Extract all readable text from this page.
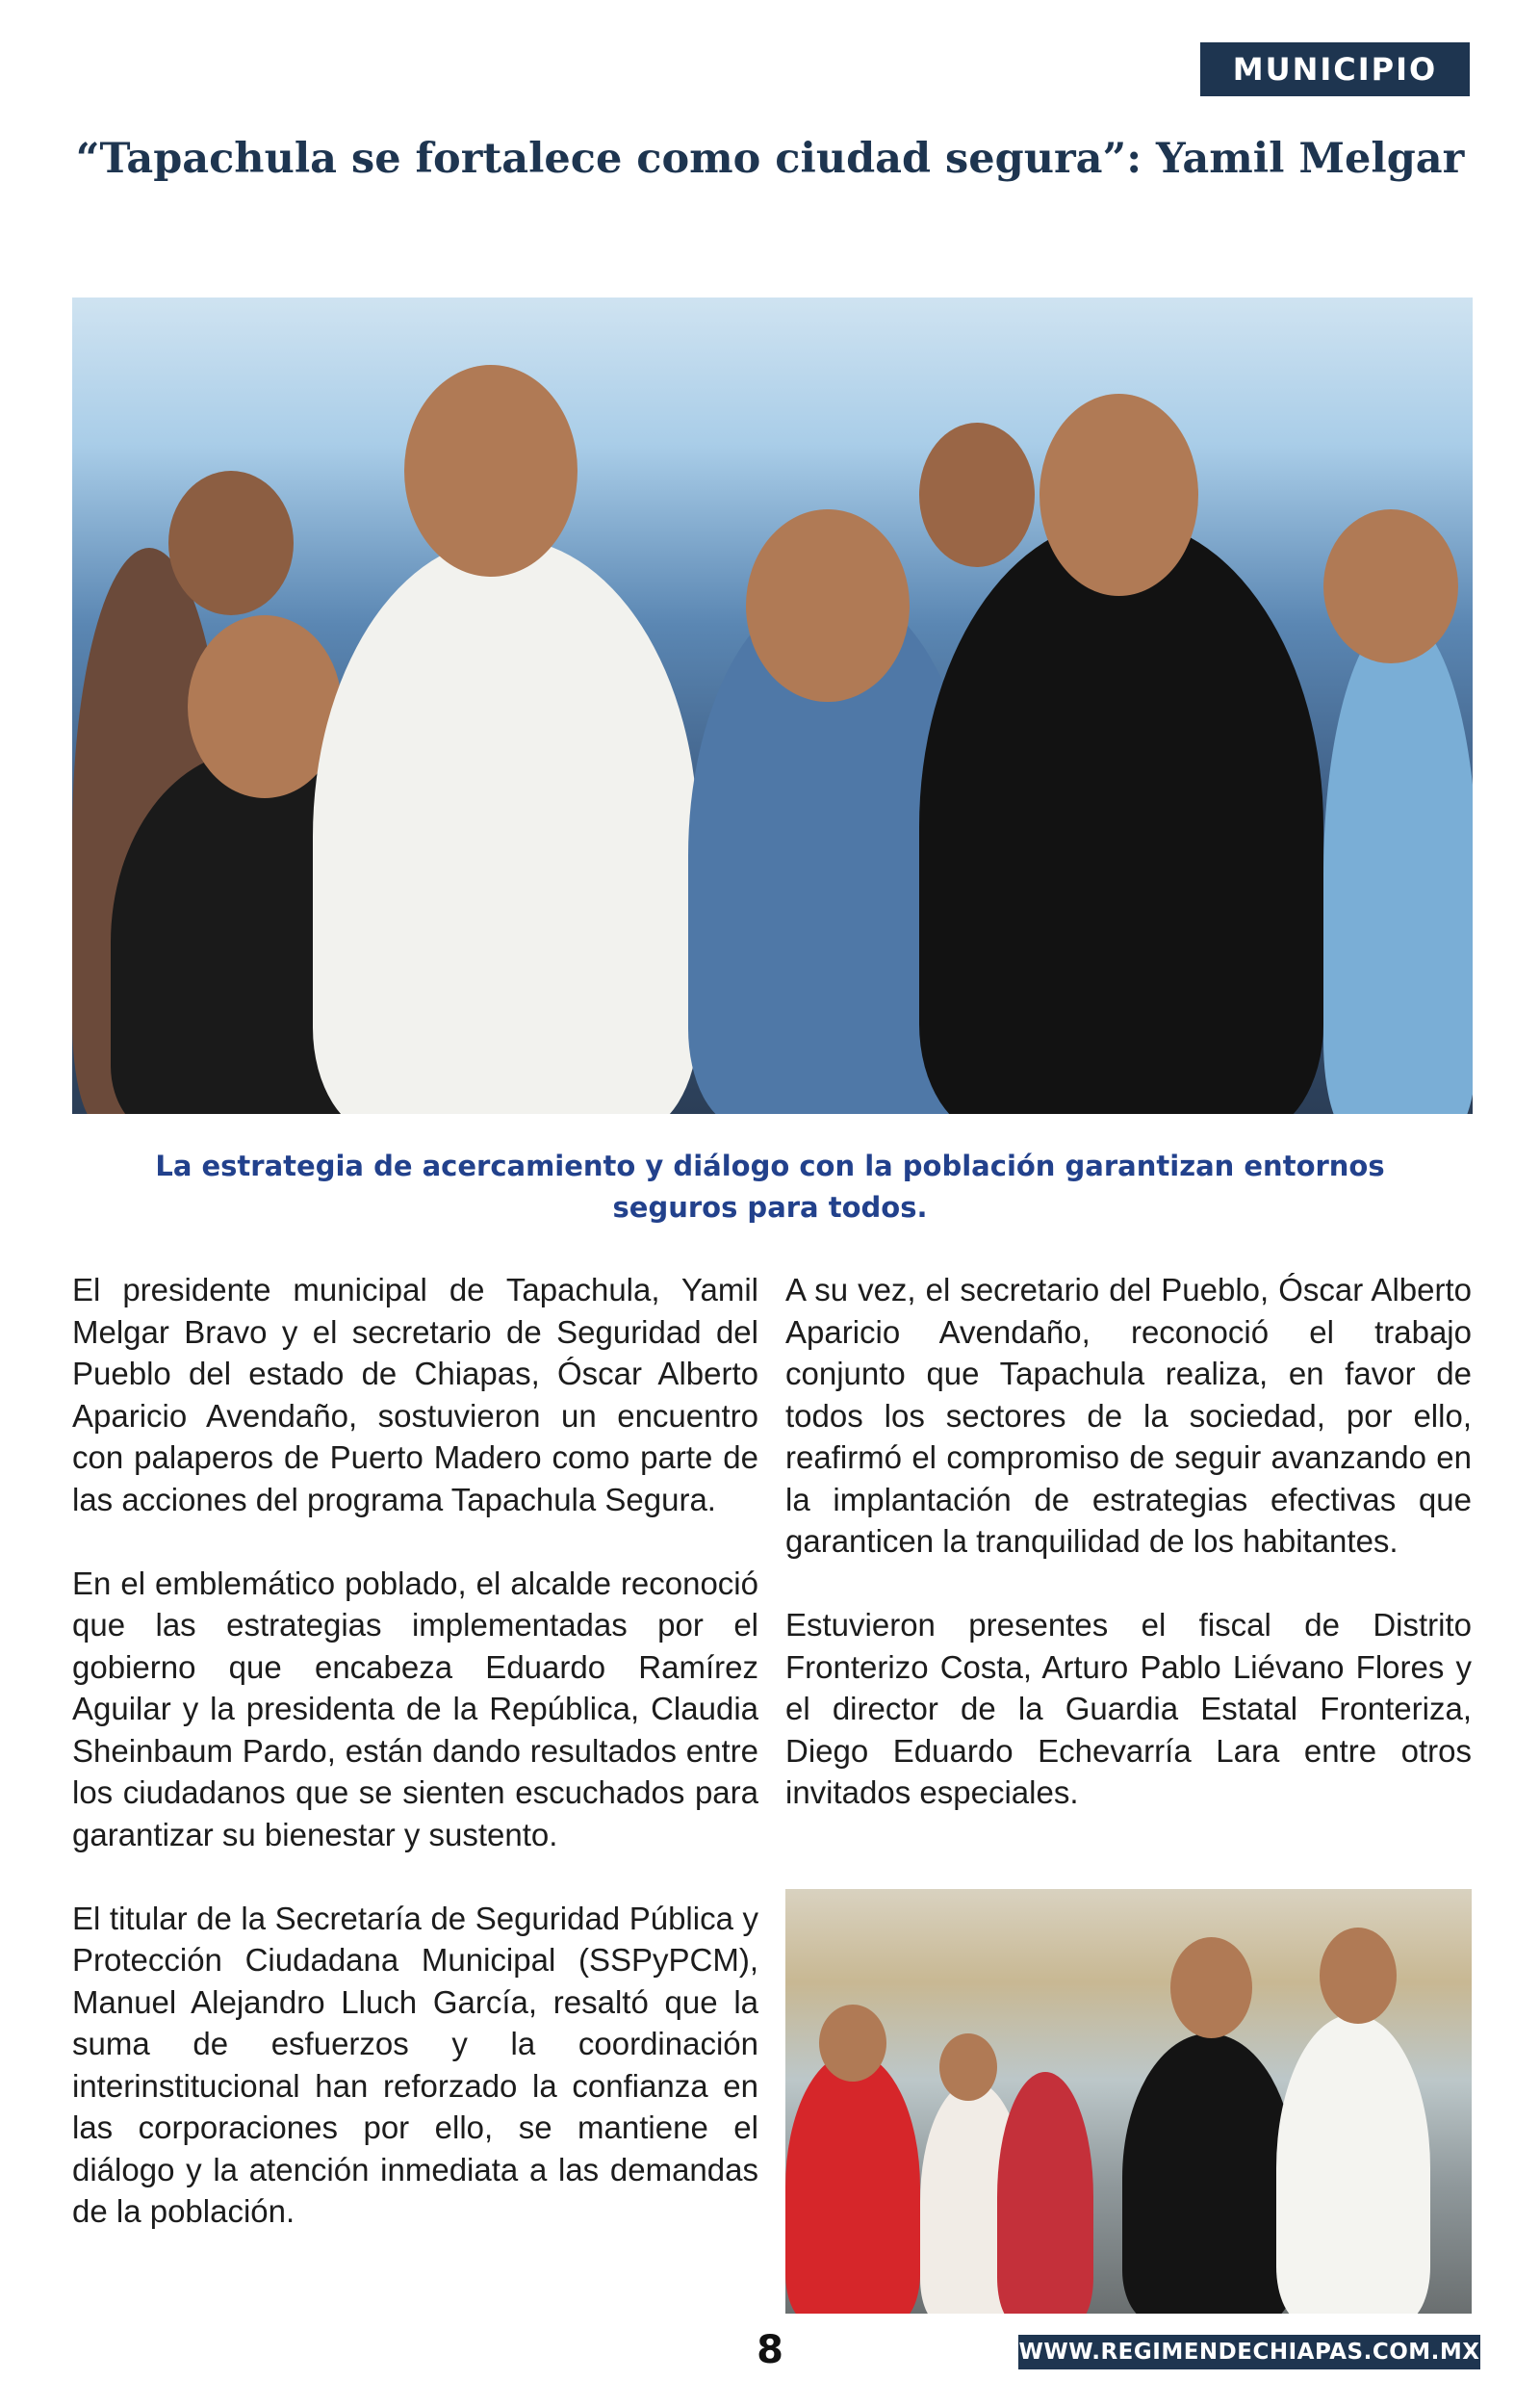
MUNICIPIO
“Tapachula se fortalece como ciudad segura”: Yamil Melgar

La estrategia de acercamiento y diálogo con la población garantizan entornos seguros para todos.

El presidente municipal de Tapachula, Yamil Melgar Bravo y el secretario de Seguridad del Pueblo del estado de Chiapas, Óscar Alberto Aparicio Avendaño, sostuvieron un encuentro con palaperos de Puerto Madero como parte de las acciones del programa Tapachula Segura.

En el emblemático poblado, el alcalde reconoció que las estrategias implementadas por el gobierno que encabeza Eduardo Ramírez Aguilar y la presidenta de la República, Claudia Sheinbaum Pardo, están dando resultados entre los ciudadanos que se sienten escuchados para garantizar su bienestar y sustento.

El titular de la Secretaría de Seguridad Pública y Protección Ciudadana Municipal (SSPyPCM), Manuel Alejandro Lluch García, resaltó que la suma de esfuerzos y la coordinación interinstitucional han reforzado la confianza en las corporaciones por ello, se mantiene el diálogo y la atención inmediata a las demandas de la población.

A su vez, el secretario del Pueblo, Óscar Alberto Aparicio Avendaño, reconoció el trabajo conjunto que Tapachula realiza, en favor de todos los sectores de la sociedad, por ello, reafirmó el compromiso de seguir avanzando en la implantación de estrategias efectivas que garanticen la tranquilidad de los habitantes.

Estuvieron presentes el fiscal de Distrito Fronterizo Costa, Arturo Pablo Liévano Flores y el director de la Guardia Estatal Fronteriza, Diego Eduardo Echevarría Lara entre otros invitados especiales.

8	WWW.REGIMENDECHIAPAS.COM.MX
